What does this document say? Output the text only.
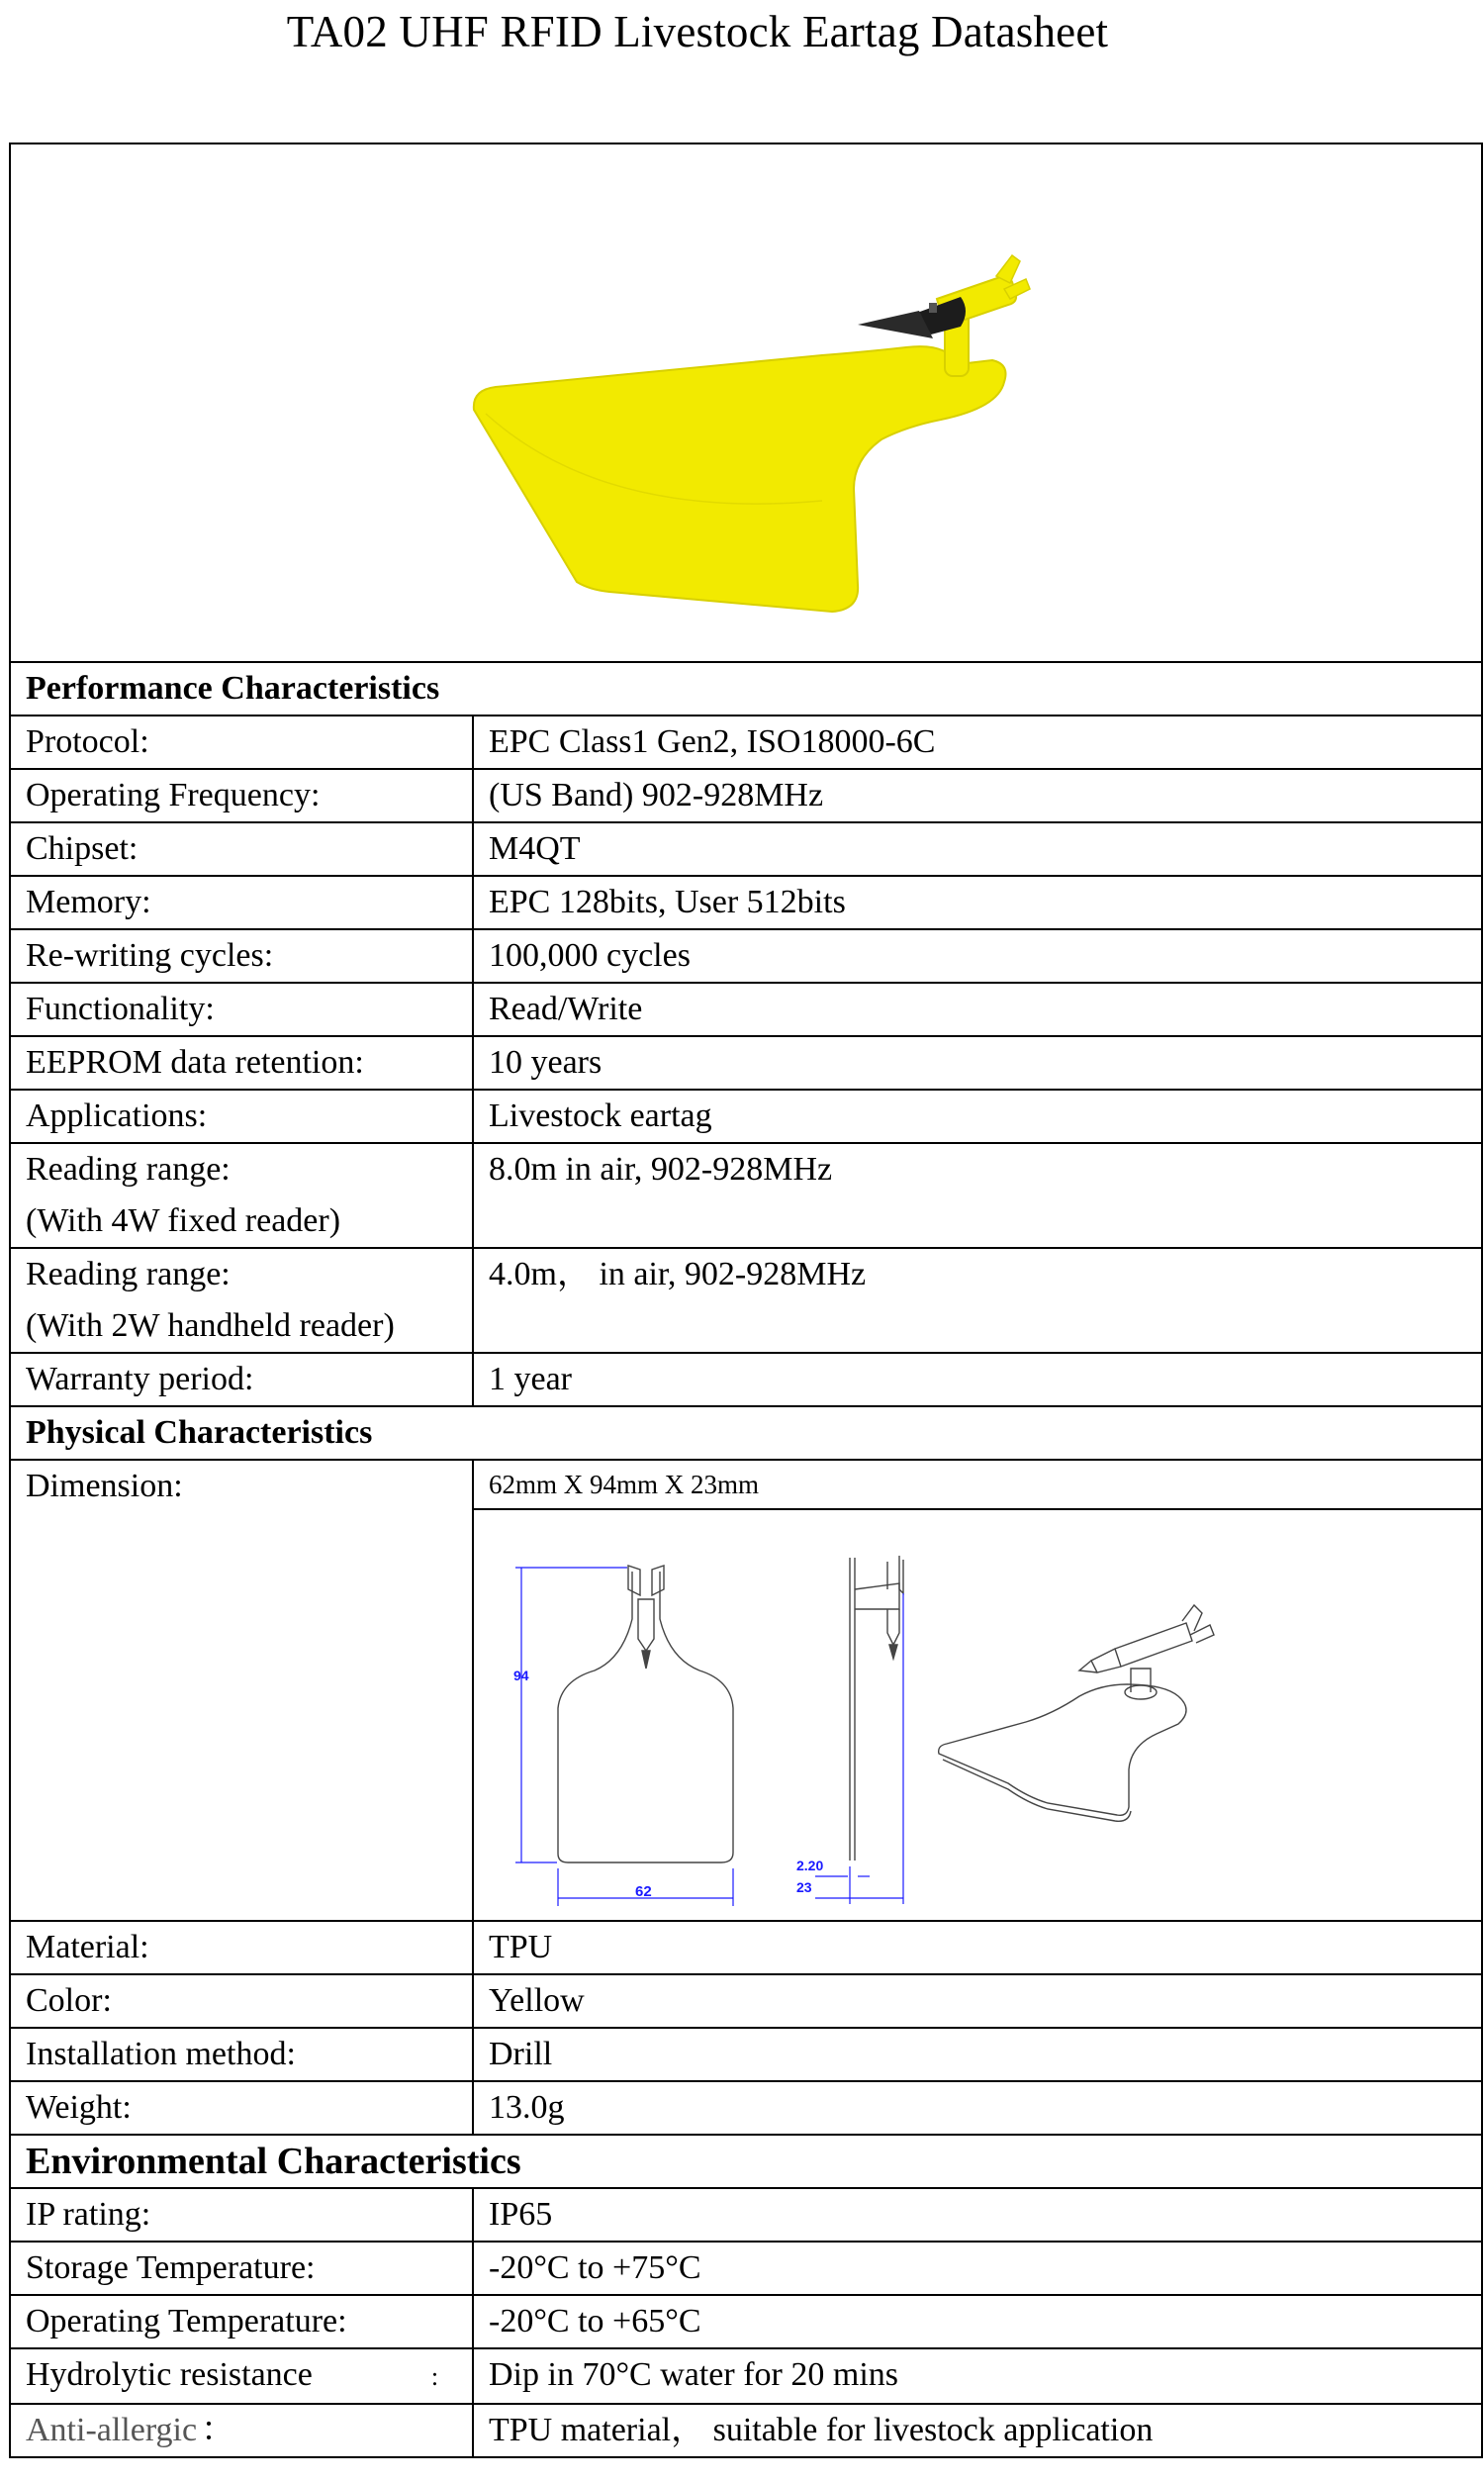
TA02 UHF RFID Livestock Eartag Datasheet

Performance Characteristics	
Protocol:	EPC Class1 Gen2, ISO18000-6C
Operating Frequency:	(US Band) 902-928MHz
Chipset:	M4QT
Memory:	EPC 128bits, User 512bits
Re-writing cycles:	100,000 cycles
Functionality:	Read/Write
EEPROM data retention:	10 years
Applications:	Livestock eartag

Reading range:
(With 4W fixed reader)	8.0m in air, 902-928MHz

Reading range:
(With 2W handheld reader)	4.0m， in air, 902-928MHz
Warranty period:	1 year
Physical Characteristics	
Dimension:	62mm X 94mm X 23mm

94
62
2.20
23

Material:	TPU
Color:	Yellow
Installation method:	Drill
Weight:	13.0g
Environmental Characteristics	
IP rating:	IP65
Storage Temperature:	-20°C to +75°C
Operating Temperature:	-20°C to +65°C
Hydrolytic resistance :	Dip in 70°C water for 20 mins
Anti-allergic ：	TPU material， suitable for livestock application
